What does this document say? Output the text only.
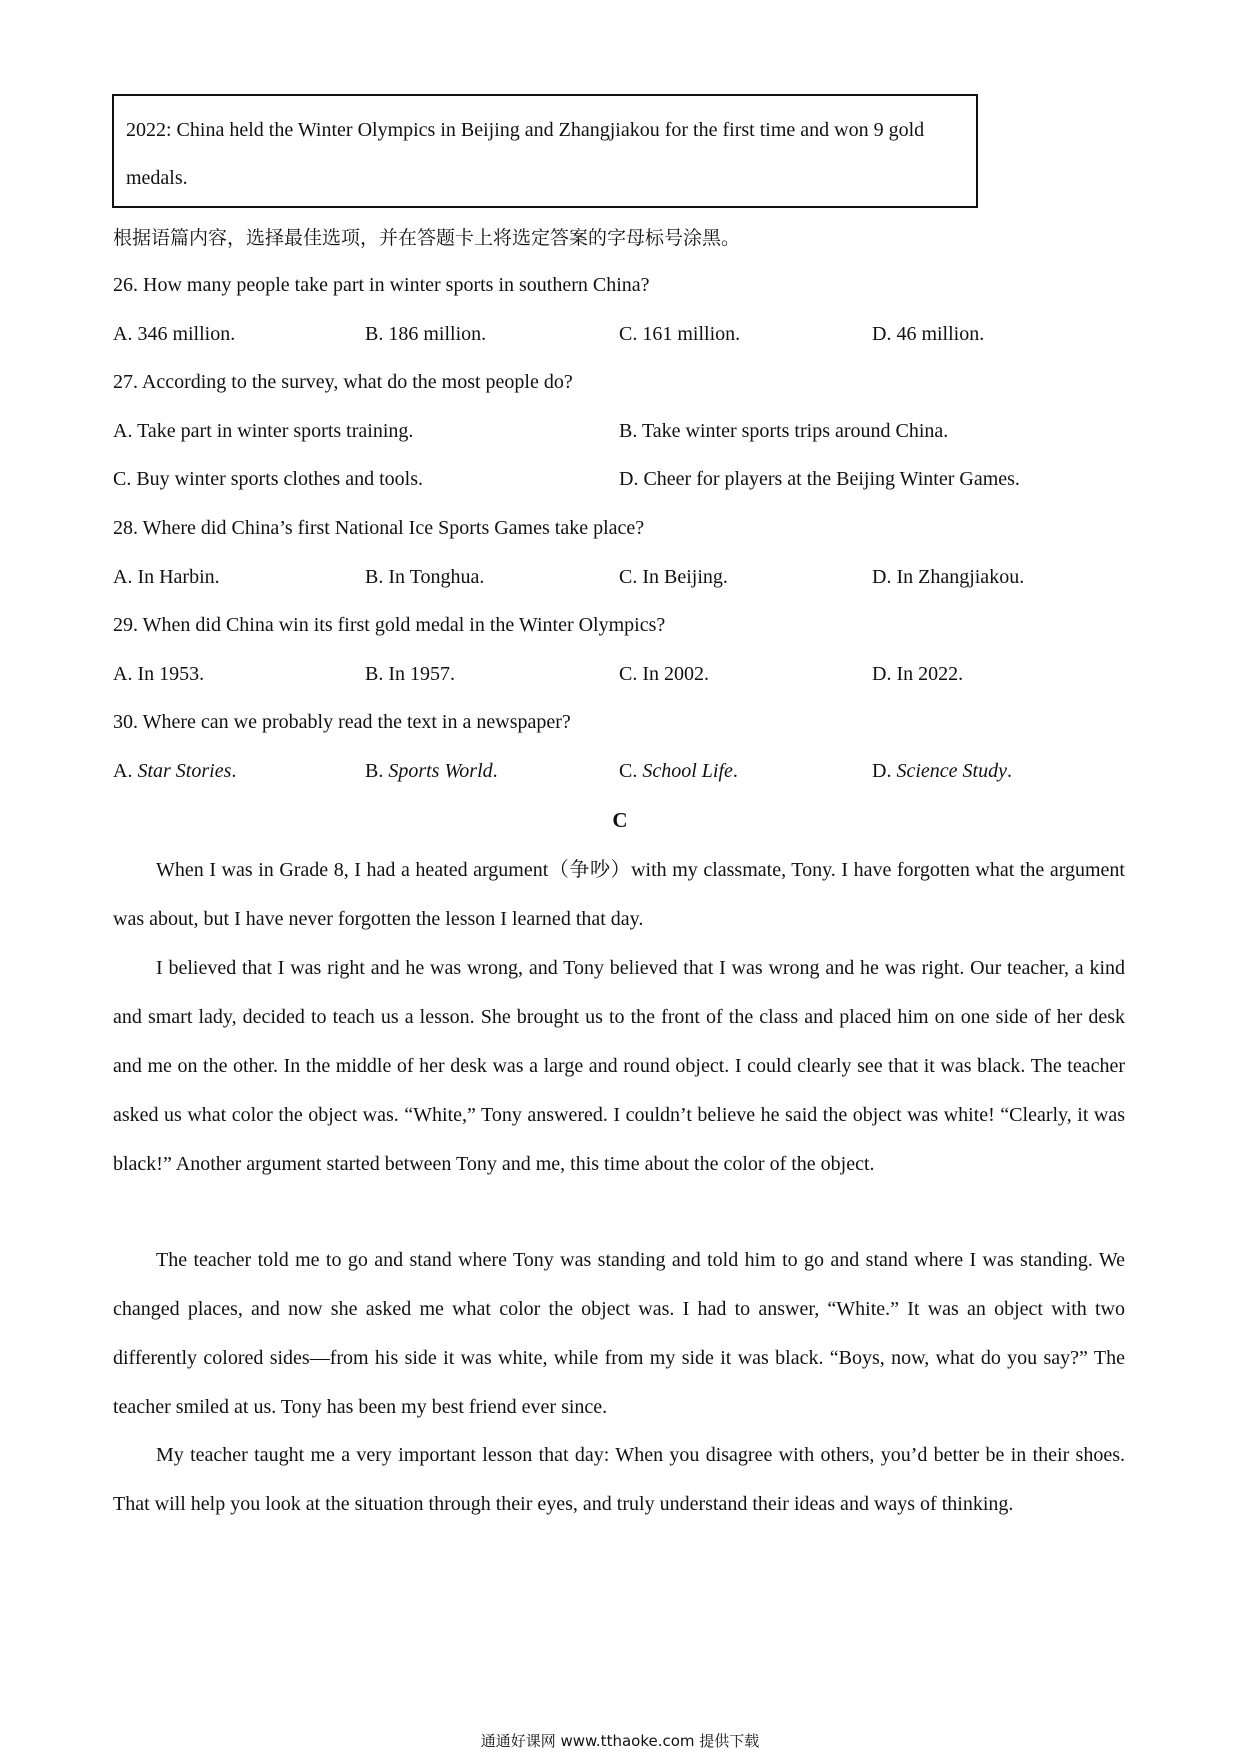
2022: China held the Winter Olympics in Beijing and Zhangjiakou for the first time and won 9 gold medals.
根据语篇内容，选择最佳选项，并在答题卡上将选定答案的字母标号涂黑。
26. How many people take part in winter sports in southern China?
A. 346 million.	B. 186 million.	C. 161 million.	D. 46 million.
27. According to the survey, what do the most people do?
A. Take part in winter sports training.	B. Take winter sports trips around China.
C. Buy winter sports clothes and tools.	D. Cheer for players at the Beijing Winter Games.
28. Where did China’s first National Ice Sports Games take place?
A. In Harbin.	B. In Tonghua.	C. In Beijing.	D. In Zhangjiakou.
29. When did China win its first gold medal in the Winter Olympics?
A. In 1953.	B. In 1957.	C. In 2002.	D. In 2022.
30. Where can we probably read the text in a newspaper?
A. Star Stories.	B. Sports World.	C. School Life.	D. Science Study.
C
When I was in Grade 8, I had a heated argument（争吵）with my classmate, Tony. I have forgotten what the argument was about, but I have never forgotten the lesson I learned that day.
I believed that I was right and he was wrong, and Tony believed that I was wrong and he was right. Our teacher, a kind and smart lady, decided to teach us a lesson. She brought us to the front of the class and placed him on one side of her desk and me on the other. In the middle of her desk was a large and round object. I could clearly see that it was black. The teacher asked us what color the object was. “White,” Tony answered. I couldn’t believe he said the object was white! “Clearly, it was black!” Another argument started between Tony and me, this time about the color of the object.
The teacher told me to go and stand where Tony was standing and told him to go and stand where I was standing. We changed places, and now she asked me what color the object was. I had to answer, “White.” It was an object with two differently colored sides—from his side it was white, while from my side it was black. “Boys, now, what do you say?” The teacher smiled at us. Tony has been my best friend ever since.
My teacher taught me a very important lesson that day: When you disagree with others, you’d better be in their shoes. That will help you look at the situation through their eyes, and truly understand their ideas and ways of thinking.
通通好课网 www.tthaoke.com 提供下载
